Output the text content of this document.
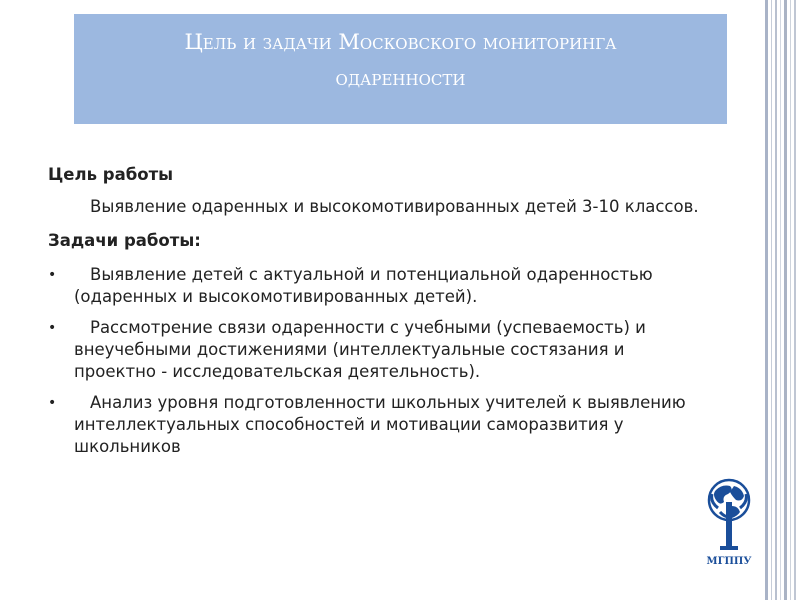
Цель и задачи Московского мониторинга
одаренности
Цель работы

Выявление одаренных и высокомотивированных детей 3-10 классов.

Задачи работы:
• Выявление детей с актуальной и потенциальной одаренностью (одаренных и высокомотивированных детей).
• Рассмотрение связи одаренности с учебными (успеваемость) и внеучебными достижениями (интеллектуальные состязания и проектно - исследовательская деятельность).
• Анализ уровня подготовленности школьных учителей к выявлению интеллектуальных способностей и мотивации саморазвития у школьников
МГППУ
